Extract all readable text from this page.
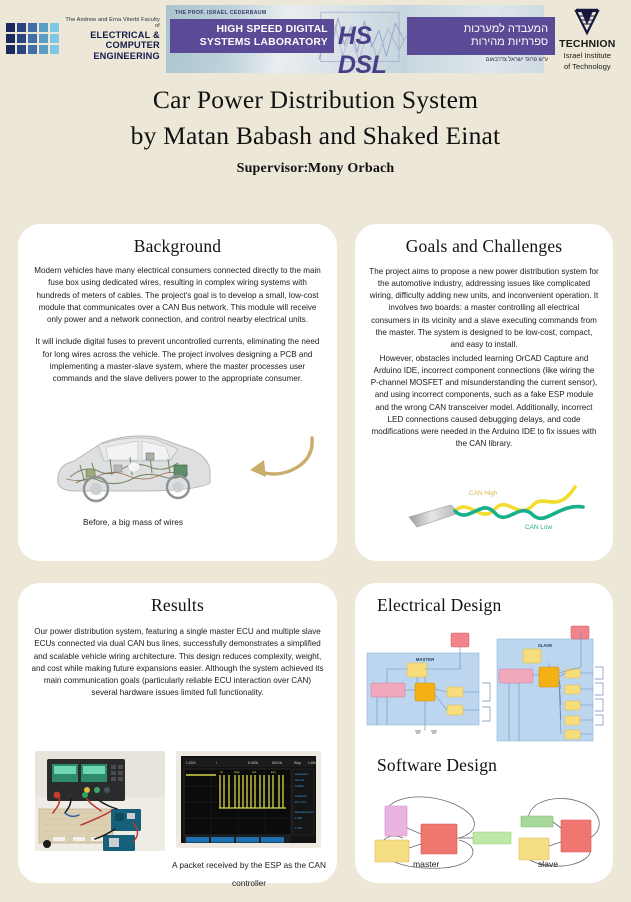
The Andrew and Erna Viterbi Faculty of
ELECTRICAL & COMPUTER
ENGINEERING
THE PROF. ISRAEL CEDERBAUM
HIGH SPEED DIGITAL
SYSTEMS LABORATORY HS DSL
המעבדה למערכות
ספרתיות מהירות
ע"ש פרופ' ישראל צדרבאום
TECHNION
Israel Institute
of Technology
Car Power Distribution System
by Matan Babash and Shaked Einat
Supervisor׃ Mony Orbach
Background
Modern vehicles have many electrical consumers connected directly to the main fuse box using dedicated wires, resulting in complex wiring systems with hundreds of meters of cables. The project's goal is to develop a small, low-cost module that communicates over a CAN Bus network. This module will receive only power and a network connection, and control nearby electrical units.
It will include digital fuses to prevent uncontrolled currents, eliminating the need for long wires across the vehicle. The project involves designing a PCB and implementing a master-slave system, where the master processes user commands and the slave delivers power to the appropriate consumer.
Before, a big mass of wires
Goals and Challenges
The project aims to propose a new power distribution system for the automotive industry, addressing issues like complicated wiring, difficulty adding new units, and inconvenient operation. It involves two boards: a master controlling all electrical consumers in its vicinity and a slave executing commands from the master. The system is designed to be low-cost, compact, and easy to install.
However, obstacles included learning OrCAD Capture and Arduino IDE, incorrect component connections (like wiring the P-channel MOSFET and misunderstanding the current sensor), and using incorrect components, such as a fake ESP module and the wrong CAN transceiver model. Additionally, incorrect LED connections caused debugging delays, and code modifications were needed in the Arduino IDE to fix issues with the CAN library.
CAN High
CAN Low
Results
Our power distribution system, featuring a single master ECU and multiple slave ECUs connected via dual CAN bus lines, successfully demonstrates a simplified and scalable vehicle wiring architecture. This design reduces complexity, weight, and cost while making future expansions easier. Although the system achieved its main communication goals (particularly reliable ECU interaction over CAN) several hardware issues limited full functionality.
1.00V/	/	5.000s	500.0s	Stop 1.68V
ID	Data	Ack	End	Acquisition
Normal
5.00Gs
Channels
DC 1.0:1
Measurements
1.48V
1.40V
A packet received by the ESP as the CAN controller
Electrical Design
MASTER
SLAVE
Software Design
master	slave
